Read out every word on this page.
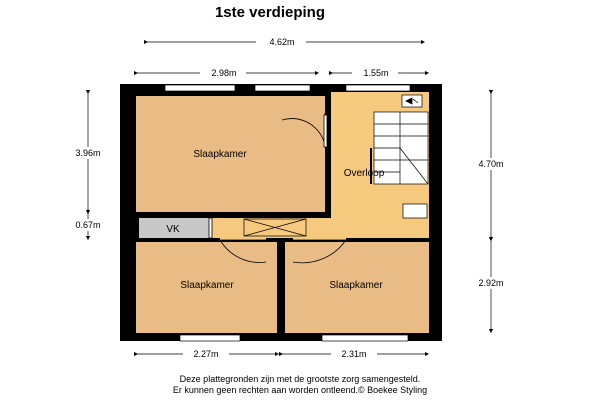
1ste verdieping
Slaapkamer
Overloop
VK
Slaapkamer	Slaapkamer
4.62m
2.98m	1.55m
3.96m
0.67m
4.70m
2.92m
2.27m	2.31m
Deze plattegronden zijn met de grootste zorg samengesteld.
Er kunnen geen rechten aan worden ontleend.© Boekee Styling
